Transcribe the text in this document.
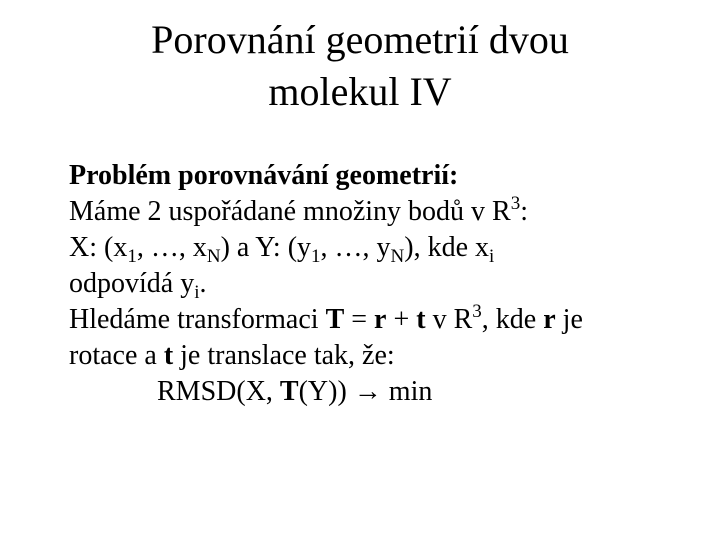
Porovnání geometrií dvou
molekul IV
Problém porovnávání geometrií:
Máme 2 uspořádané množiny bodů v $R^3$:
X: ($x_1$, …, $x_N$) a Y: ($y_1$, …, $y_N$), kde $x_i$
odpovídá $y_i$.
Hledáme transformaci T = r + t v $R^3$, kde r je
rotace a t je translace tak, že:
RMSD(X, T(Y)) → min
